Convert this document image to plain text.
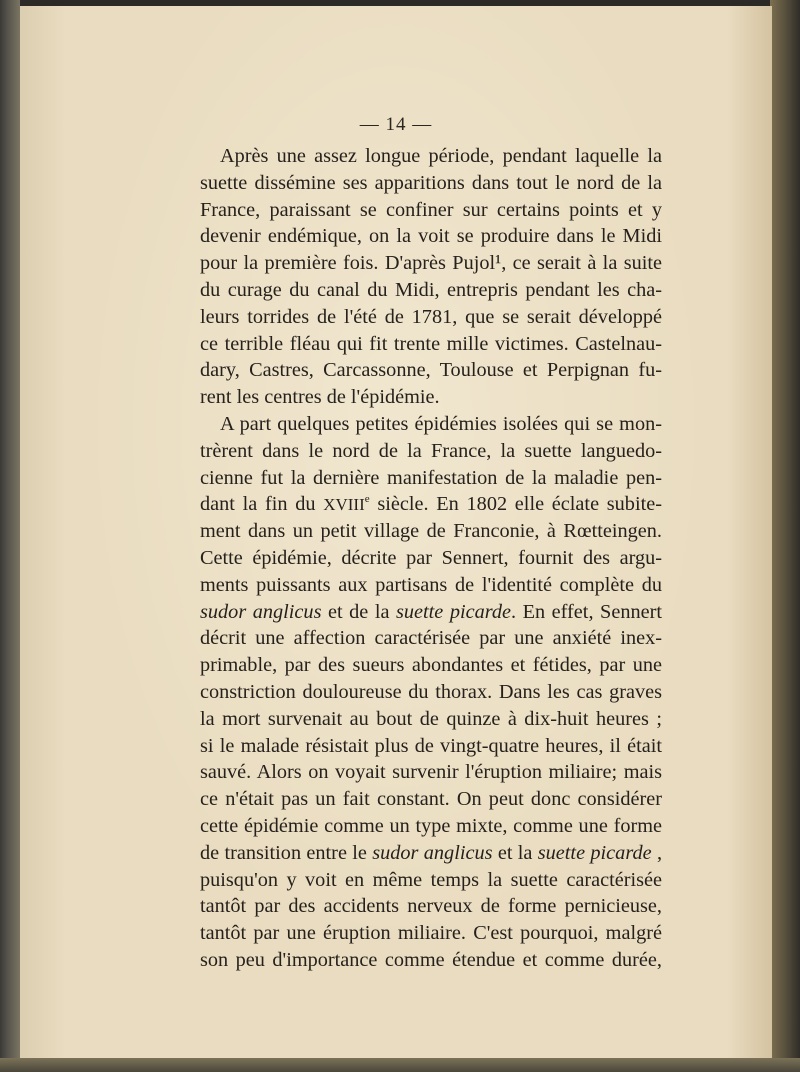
— 14 —
Après une assez longue période, pendant laquelle la
suette dissémine ses apparitions dans tout le nord de la
France, paraissant se confiner sur certains points et y
devenir endémique, on la voit se produire dans le Midi
pour la première fois. D'après Pujol¹, ce serait à la suite
du curage du canal du Midi, entrepris pendant les cha-
leurs torrides de l'été de 1781, que se serait développé
ce terrible fléau qui fit trente mille victimes. Castelnau-
dary, Castres, Carcassonne, Toulouse et Perpignan fu-
rent les centres de l'épidémie.
A part quelques petites épidémies isolées qui se mon-
trèrent dans le nord de la France, la suette languedo-
cienne fut la dernière manifestation de la maladie pen-
dant la fin du XVIIIe siècle. En 1802 elle éclate subite-
ment dans un petit village de Franconie, à Rœtteingen.
Cette épidémie, décrite par Sennert, fournit des argu-
ments puissants aux partisans de l'identité complète du
sudor anglicus et de la suette picarde. En effet, Sennert
décrit une affection caractérisée par une anxiété inex-
primable, par des sueurs abondantes et fétides, par une
constriction douloureuse du thorax. Dans les cas graves
la mort survenait au bout de quinze à dix-huit heures ;
si le malade résistait plus de vingt-quatre heures, il était
sauvé. Alors on voyait survenir l'éruption miliaire; mais
ce n'était pas un fait constant. On peut donc considérer
cette épidémie comme un type mixte, comme une forme
de transition entre le sudor anglicus et la suette picarde ,
puisqu'on y voit en même temps la suette caractérisée
tantôt par des accidents nerveux de forme pernicieuse,
tantôt par une éruption miliaire. C'est pourquoi, malgré
son peu d'importance comme étendue et comme durée,
